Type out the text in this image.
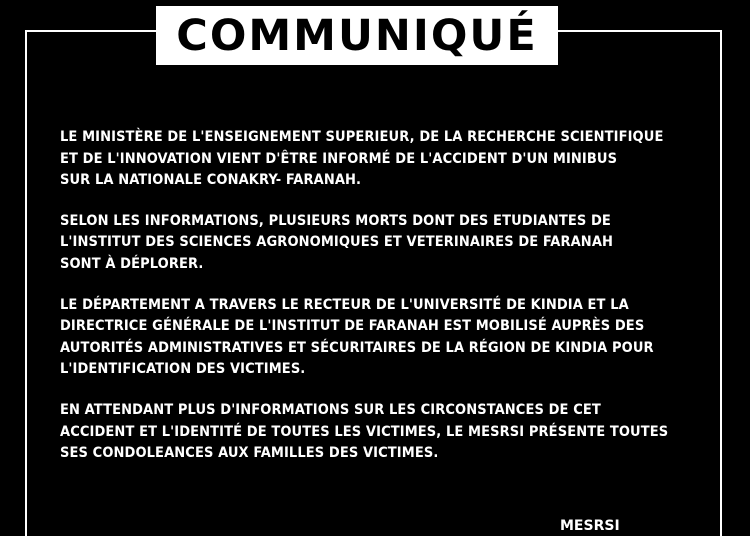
COMMUNIQUÉ

LE MINISTÈRE DE L'ENSEIGNEMENT SUPERIEUR, DE LA RECHERCHE SCIENTIFIQUE
ET DE L'INNOVATION VIENT D'ÊTRE INFORMÉ DE L'ACCIDENT D'UN MINIBUS
SUR LA NATIONALE CONAKRY- FARANAH.

SELON LES INFORMATIONS, PLUSIEURS MORTS DONT DES ETUDIANTES DE
L'INSTITUT DES SCIENCES AGRONOMIQUES ET VETERINAIRES DE FARANAH
SONT À DÉPLORER.

LE DÉPARTEMENT A TRAVERS LE RECTEUR DE L'UNIVERSITÉ DE KINDIA ET LA
DIRECTRICE GÉNÉRALE DE L'INSTITUT DE FARANAH EST MOBILISÉ AUPRÈS DES
AUTORITÉS ADMINISTRATIVES ET SÉCURITAIRES DE LA RÉGION DE KINDIA POUR
L'IDENTIFICATION DES VICTIMES.

EN ATTENDANT PLUS D'INFORMATIONS SUR LES CIRCONSTANCES DE CET
ACCIDENT ET L'IDENTITÉ DE TOUTES LES VICTIMES, LE MESRSI PRÉSENTE TOUTES
SES CONDOLEANCES AUX FAMILLES DES VICTIMES.

MESRSI
